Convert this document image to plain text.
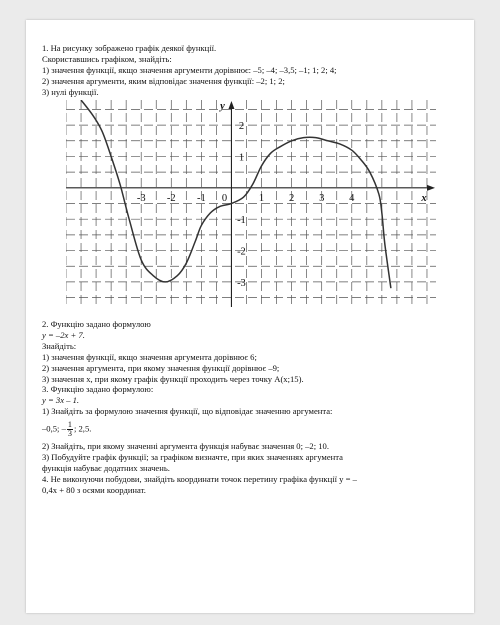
1. На рисунку зображено графік деякої функції.
Скориставшись графіком, знайдіть:
1) значення функції, якщо значення аргументи дорівнює: –5; –4; –3,5; –1; 1; 2; 4;
2) значення аргументи, яким відповідає значення функції: –2; 1; 2;
3) нулі функції.
-3 -2 -1 0	1 2 3 4
2
1
-1
-2
-3
x
y
2. Функцію задано формулою
y = –2x + 7.
Знайдіть:
1) значення функції, якщо значення аргумента дорівнює 6;
2) значення аргумента, при якому значення функції дорівнює –9;
3) значення x, при якому графік функції проходить через точку A(x;15).
3. Функцію задано формулою:
y = 3x – 1.
1) Знайдіть за формулою значення функції, що відповідає значенню аргумента:
–0,5; – $\frac{1}{3}$ ; 2,5.
2) Знайдіть, при якому значенні аргумента функція набуває значення 0; –2; 10.
3) Побудуйте графік функції; за графіком визначте, при яких значеннях аргумента
функція набуває додатних значень.
4. Не виконуючи побудови, знайдіть координати точок перетину графіка функції y = –
0,4x + 80 з осями координат.
